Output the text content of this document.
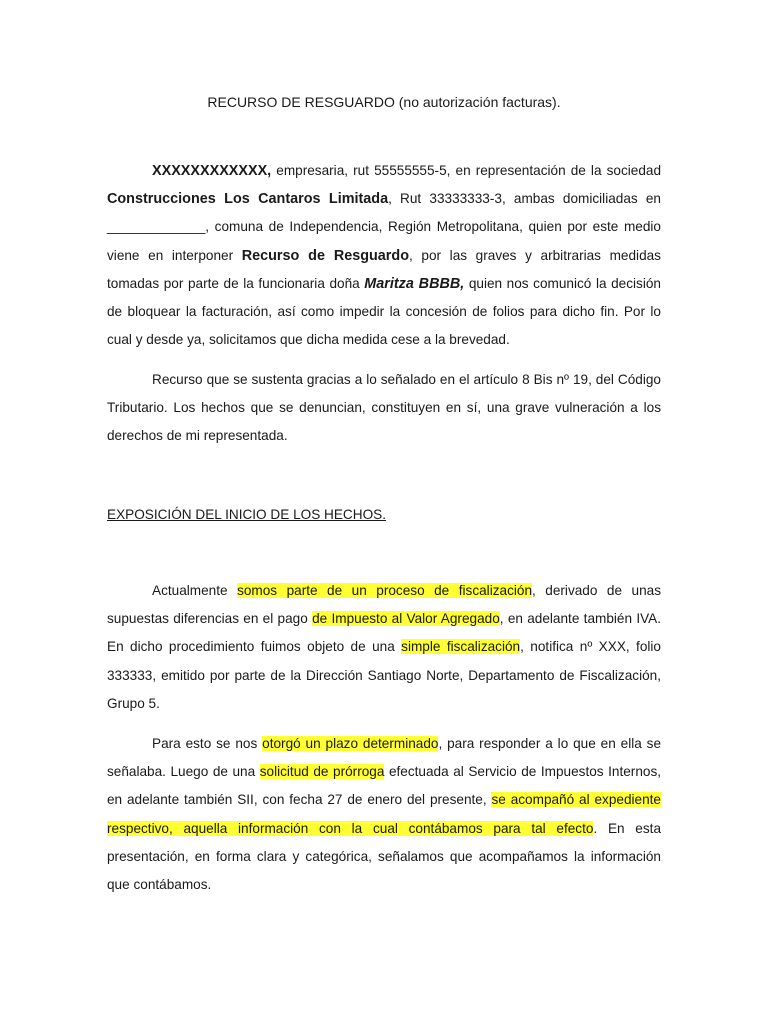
RECURSO DE RESGUARDO (no autorización facturas).

XXXXXXXXXXXX, empresaria, rut 55555555-5, en representación de la sociedad Construcciones Los Cantaros Limitada, Rut 33333333-3, ambas domiciliadas en _____________, comuna de Independencia, Región Metropolitana, quien por este medio viene en interponer Recurso de Resguardo, por las graves y arbitrarias medidas tomadas por parte de la funcionaria doña Maritza BBBB, quien nos comunicó la decisión de bloquear la facturación, así como impedir la concesión de folios para dicho fin. Por lo cual y desde ya, solicitamos que dicha medida cese a la brevedad.

Recurso que se sustenta gracias a lo señalado en el artículo 8 Bis nº 19, del Código Tributario. Los hechos que se denuncian, constituyen en sí, una grave vulneración a los derechos de mi representada.

EXPOSICIÓN DEL INICIO DE LOS HECHOS.

Actualmente somos parte de un proceso de fiscalización, derivado de unas supuestas diferencias en el pago de Impuesto al Valor Agregado, en adelante también IVA. En dicho procedimiento fuimos objeto de una simple fiscalización, notifica nº XXX, folio 333333, emitido por parte de la Dirección Santiago Norte, Departamento de Fiscalización, Grupo 5.

Para esto se nos otorgó un plazo determinado, para responder a lo que en ella se señalaba. Luego de una solicitud de prórroga efectuada al Servicio de Impuestos Internos, en adelante también SII, con fecha 27 de enero del presente, se acompañó al expediente respectivo, aquella información con la cual contábamos para tal efecto. En esta presentación, en forma clara y categórica, señalamos que acompañamos la información que contábamos.
